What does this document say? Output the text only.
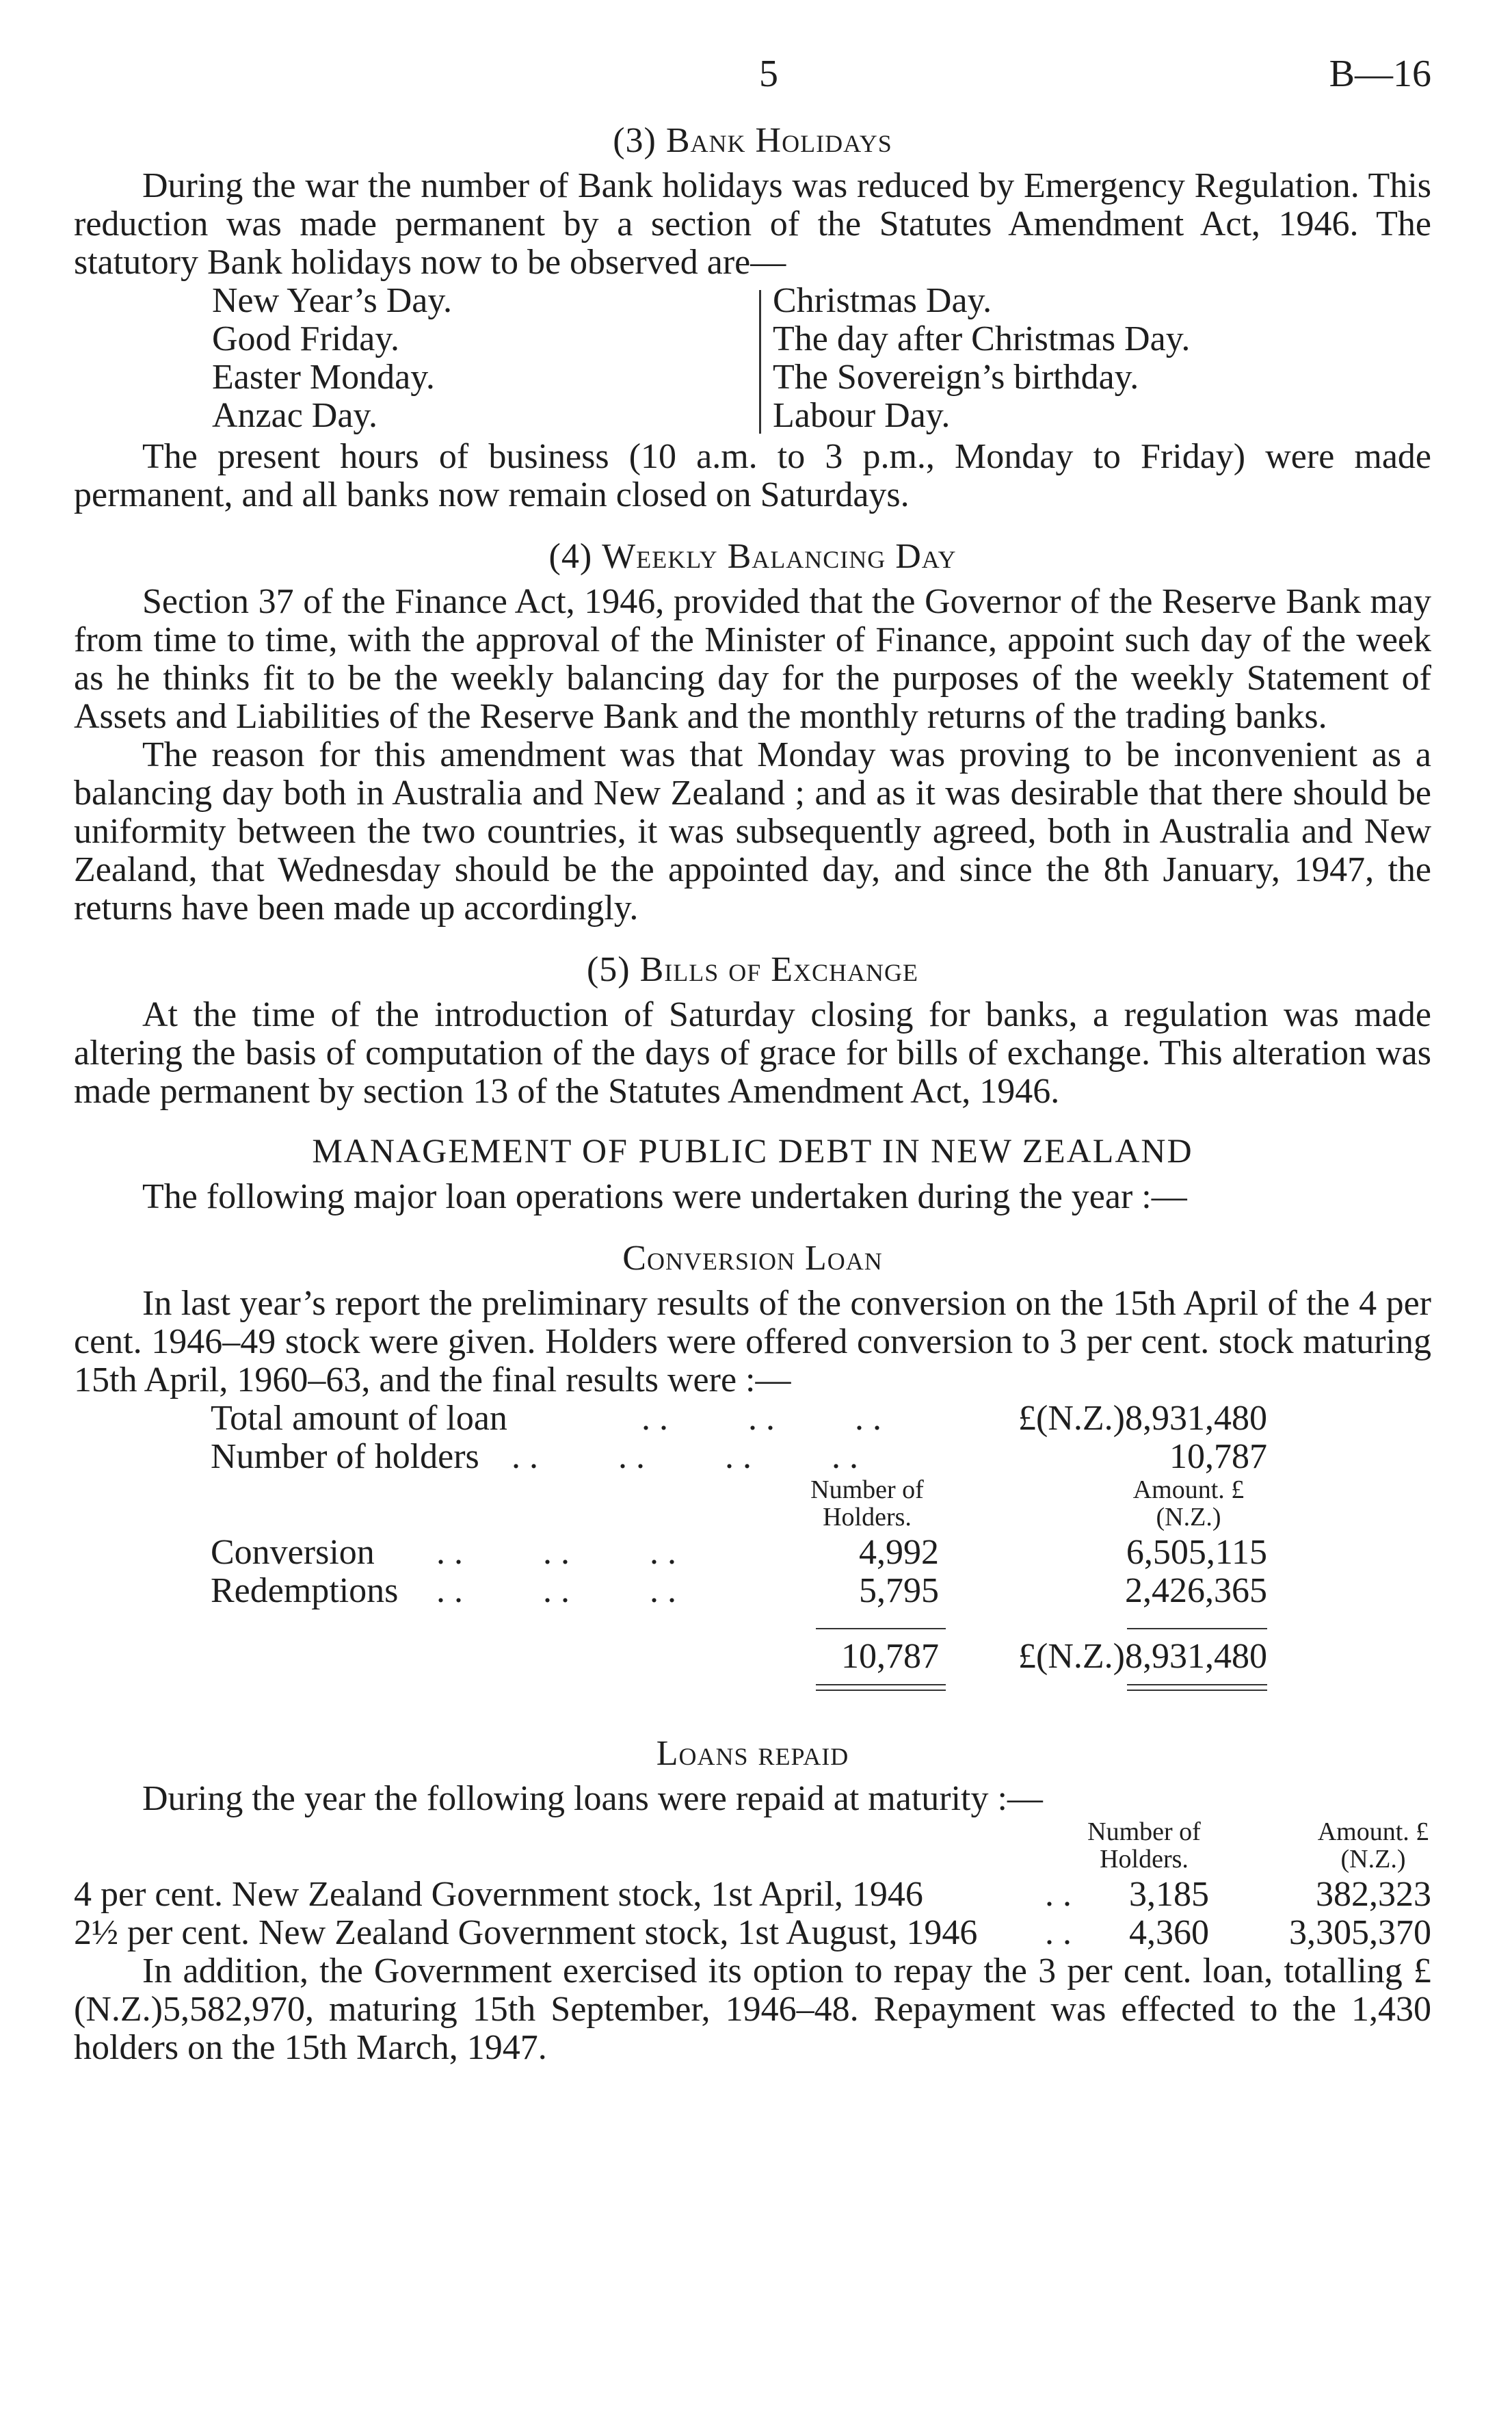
5	B—16
(3) Bank Holidays

During the war the number of Bank holidays was reduced by Emergency Regulation. This reduction was made permanent by a section of the Statutes Amendment Act, 1946. The statutory Bank holidays now to be observed are—

New Year’s Day.
Good Friday.
Easter Monday.
Anzac Day.
Christmas Day.
The day after Christmas Day.
The Sovereign’s birthday.
Labour Day.

The present hours of business (10 a.m. to 3 p.m., Monday to Friday) were made permanent, and all banks now remain closed on Saturdays.

(4) Weekly Balancing Day

Section 37 of the Finance Act, 1946, provided that the Governor of the Reserve Bank may from time to time, with the approval of the Minister of Finance, appoint such day of the week as he thinks fit to be the weekly balancing day for the purposes of the weekly Statement of Assets and Liabilities of the Reserve Bank and the monthly returns of the trading banks.

The reason for this amendment was that Monday was proving to be inconvenient as a balancing day both in Australia and New Zealand ; and as it was desirable that there should be uniformity between the two countries, it was subsequently agreed, both in Australia and New Zealand, that Wednesday should be the appointed day, and since the 8th January, 1947, the returns have been made up accordingly.

(5) Bills of Exchange

At the time of the introduction of Saturday closing for banks, a regulation was made altering the basis of computation of the days of grace for bills of exchange. This alteration was made permanent by section 13 of the Statutes Amendment Act, 1946.

MANAGEMENT OF PUBLIC DEBT IN NEW ZEALAND

The following major loan operations were undertaken during the year :—

Conversion Loan

In last year’s report the preliminary results of the conversion on the 15th April of the 4 per cent. 1946–49 stock were given. Holders were offered conversion to 3 per cent. stock maturing 15th April, 1960–63, and the final results were :—

Total amount of loan	. .         . .         . .	£(N.Z.)8,931,480
Number of holders . .         . .         . .         . .	10,787
Number of Holders.
Amount. £(N.Z.)
Conversion . .         . .         . .	4,992	6,505,115
Redemptions . .         . .         . .	5,795	2,426,365
10,787 £(N.Z.)8,931,480
Loans repaid

During the year the following loans were repaid at maturity :—

Number of Holders.
Amount. £(N.Z.)
4 per cent. New Zealand Government stock, 1st April, 1946	. . 3,185	382,323
2½ per cent. New Zealand Government stock, 1st August, 1946 . . 4,360 3,305,370

In addition, the Government exercised its option to repay the 3 per cent. loan, totalling £(N.Z.)5,582,970, maturing 15th September, 1946–48. Repayment was effected to the 1,430 holders on the 15th March, 1947.
